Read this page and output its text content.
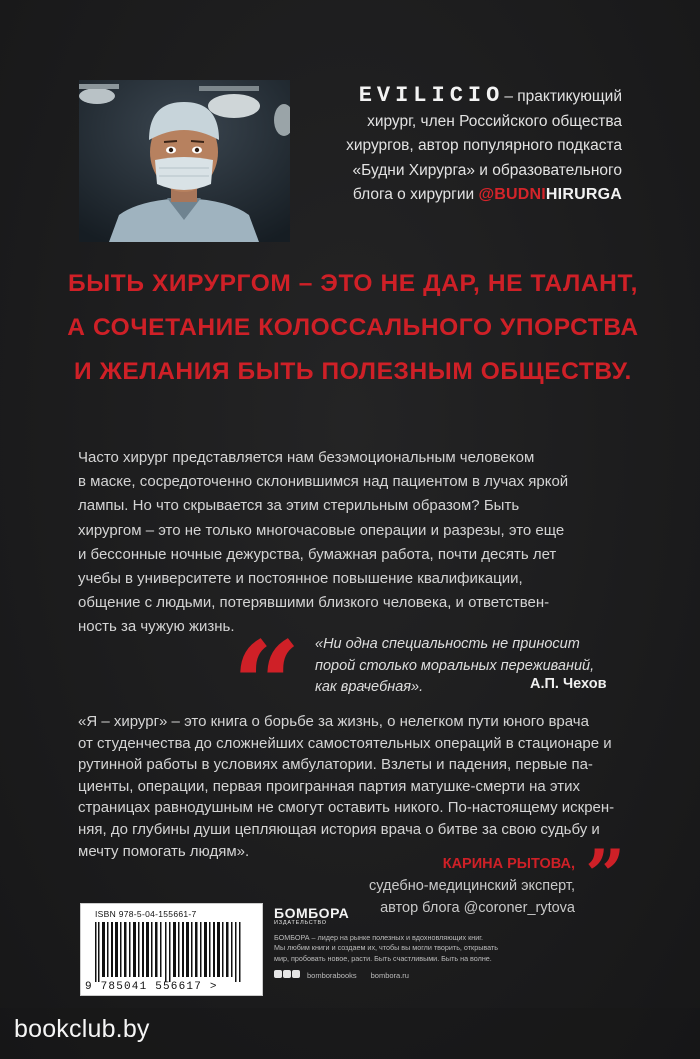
EVILICIO– практикующий
хирург, член Российского общества
хирургов, автор популярного подкаста
«Будни Хирурга» и образовательного
блога о хирургии @BUDNIHIRURGA
БЫТЬ ХИРУРГОМ – ЭТО НЕ ДАР, НЕ ТАЛАНТ,
А СОЧЕТАНИЕ КОЛОССАЛЬНОГО УПОРСТВА
И ЖЕЛАНИЯ БЫТЬ ПОЛЕЗНЫМ ОБЩЕСТВУ.
Часто хирург представляется нам безэмоциональным человеком
в маске, сосредоточенно склонившимся над пациентом в лучах яркой
лампы. Но что скрывается за этим стерильным образом? Быть
хирургом – это не только многочасовые операции и разрезы, это еще
и бессонные ночные дежурства, бумажная работа, почти десять лет
учебы в университете и постоянное повышение квалификации,
общение с людьми, потерявшими близкого человека, и ответствен-
ность за чужую жизнь.
“ «Ни одна специальность не приносит
порой столько моральных переживаний,
как врачебная».	А.П. Чехов
«Я – хирург» – это книга о борьбе за жизнь, о нелегком пути юного врача
от студенчества до сложнейших самостоятельных операций в стационаре и
рутинной работы в условиях амбулатории. Взлеты и падения, первые па-
циенты, операции, первая проигранная партия матушке-смерти на этих
страницах равнодушным не смогут оставить никого. По-настоящему искрен-
няя, до глубины души цепляющая история врача о битве за свою судьбу и
мечту помогать людям».
КАРИНА РЫТОВА,
судебно-медицинский эксперт,
автор блога @coroner_rytova ”
ISBN 978-5-04-155661-7
9 785041 556617 >
БОМБОРА
ИЗДАТЕЛЬСТВО
БОМБОРА – лидер на рынке полезных и вдохновляющих книг.
Мы любим книги и создаем их, чтобы вы могли творить, открывать
мир, пробовать новое, расти. Быть счастливыми. Быть на волне.
bomborabooks bombora.ru
bookclub.by
